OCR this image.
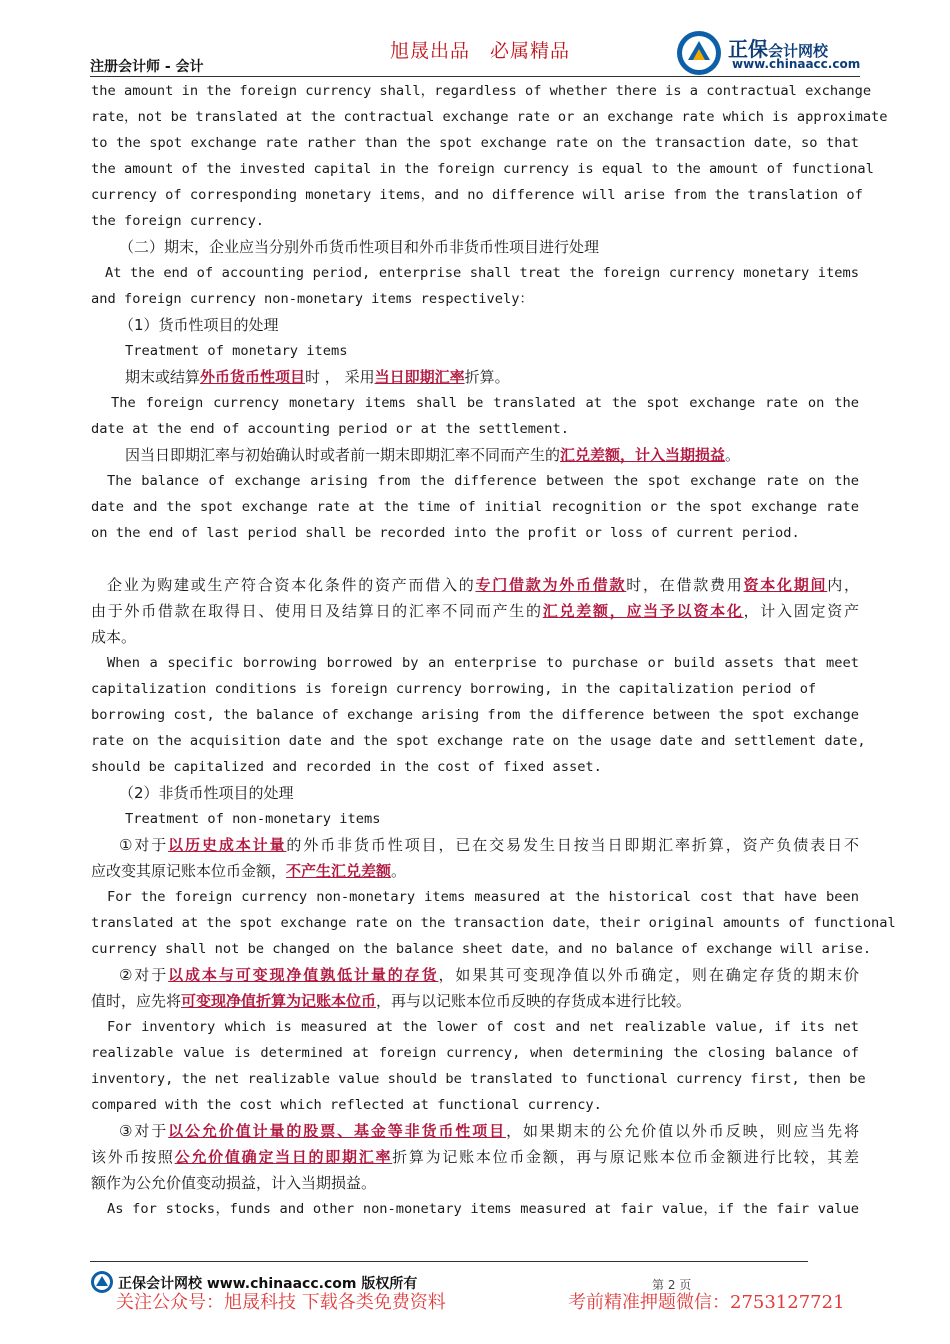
注册会计师 - 会计
旭晟出品　必属精品	正保会计网校
www.chinaacc.com
the amount in the foreign currency shall，regardless of whether there is a contractual exchange
rate，not be translated at the contractual exchange rate or an exchange rate which is approximate
to the spot exchange rate rather than the spot exchange rate on the transaction date，so that
the amount of the invested capital in the foreign currency is equal to the amount of functional
currency of corresponding monetary items，and no difference will arise from the translation of
the foreign currency.
（二）期末，企业应当分别外币货币性项目和外币非货币性项目进行处理
At the end of accounting period, enterprise shall treat the foreign currency monetary items
and foreign currency non-monetary items respectively：
（1）货币性项目的处理
Treatment of monetary items
期末或结算外币货币性项目时 ， 采用当日即期汇率折算。
The foreign currency monetary items shall be translated at the spot exchange rate on the
date at the end of accounting period or at the settlement.
因当日即期汇率与初始确认时或者前一期末即期汇率不同而产生的汇兑差额，计入当期损益。
The balance of exchange arising from the difference between the spot exchange rate on the
date and the spot exchange rate at the time of initial recognition or the spot exchange rate
on the end of last period shall be recorded into the profit or loss of current period.
企业为购建或生产符合资本化条件的资产而借入的专门借款为外币借款时，在借款费用资本化期间内，
由于外币借款在取得日、使用日及结算日的汇率不同而产生的汇兑差额，应当予以资本化，计入固定资产
成本。
When a specific borrowing borrowed by an enterprise to purchase or build assets that meet
capitalization conditions is foreign currency borrowing, in the capitalization period of
borrowing cost, the balance of exchange arising from the difference between the spot exchange
rate on the acquisition date and the spot exchange rate on the usage date and settlement date,
should be capitalized and recorded in the cost of fixed asset.
（2）非货币性项目的处理
Treatment of non-monetary items
①对于以历史成本计量的外币非货币性项目，已在交易发生日按当日即期汇率折算，资产负债表日不
应改变其原记账本位币金额，不产生汇兑差额。
For the foreign currency non-monetary items measured at the historical cost that have been
translated at the spot exchange rate on the transaction date，their original amounts of functional
currency shall not be changed on the balance sheet date，and no balance of exchange will arise.
②对于以成本与可变现净值孰低计量的存货，如果其可变现净值以外币确定，则在确定存货的期末价
值时，应先将可变现净值折算为记账本位币，再与以记账本位币反映的存货成本进行比较。
For inventory which is measured at the lower of cost and net realizable value, if its net
realizable value is determined at foreign currency, when determining the closing balance of
inventory, the net realizable value should be translated to functional currency first, then be
compared with the cost which reflected at functional currency.
③对于以公允价值计量的股票、基金等非货币性项目，如果期末的公允价值以外币反映，则应当先将
该外币按照公允价值确定当日的即期汇率折算为记账本位币金额，再与原记账本位币金额进行比较，其差
额作为公允价值变动损益，计入当期损益。
As for stocks，funds and other non-monetary items measured at fair value，if the fair value
正保会计网校 www.chinaacc.com 版权所有	第 2 页
关注公众号：旭晟科技 下载各类免费资料	考前精准押题微信：2753127721
